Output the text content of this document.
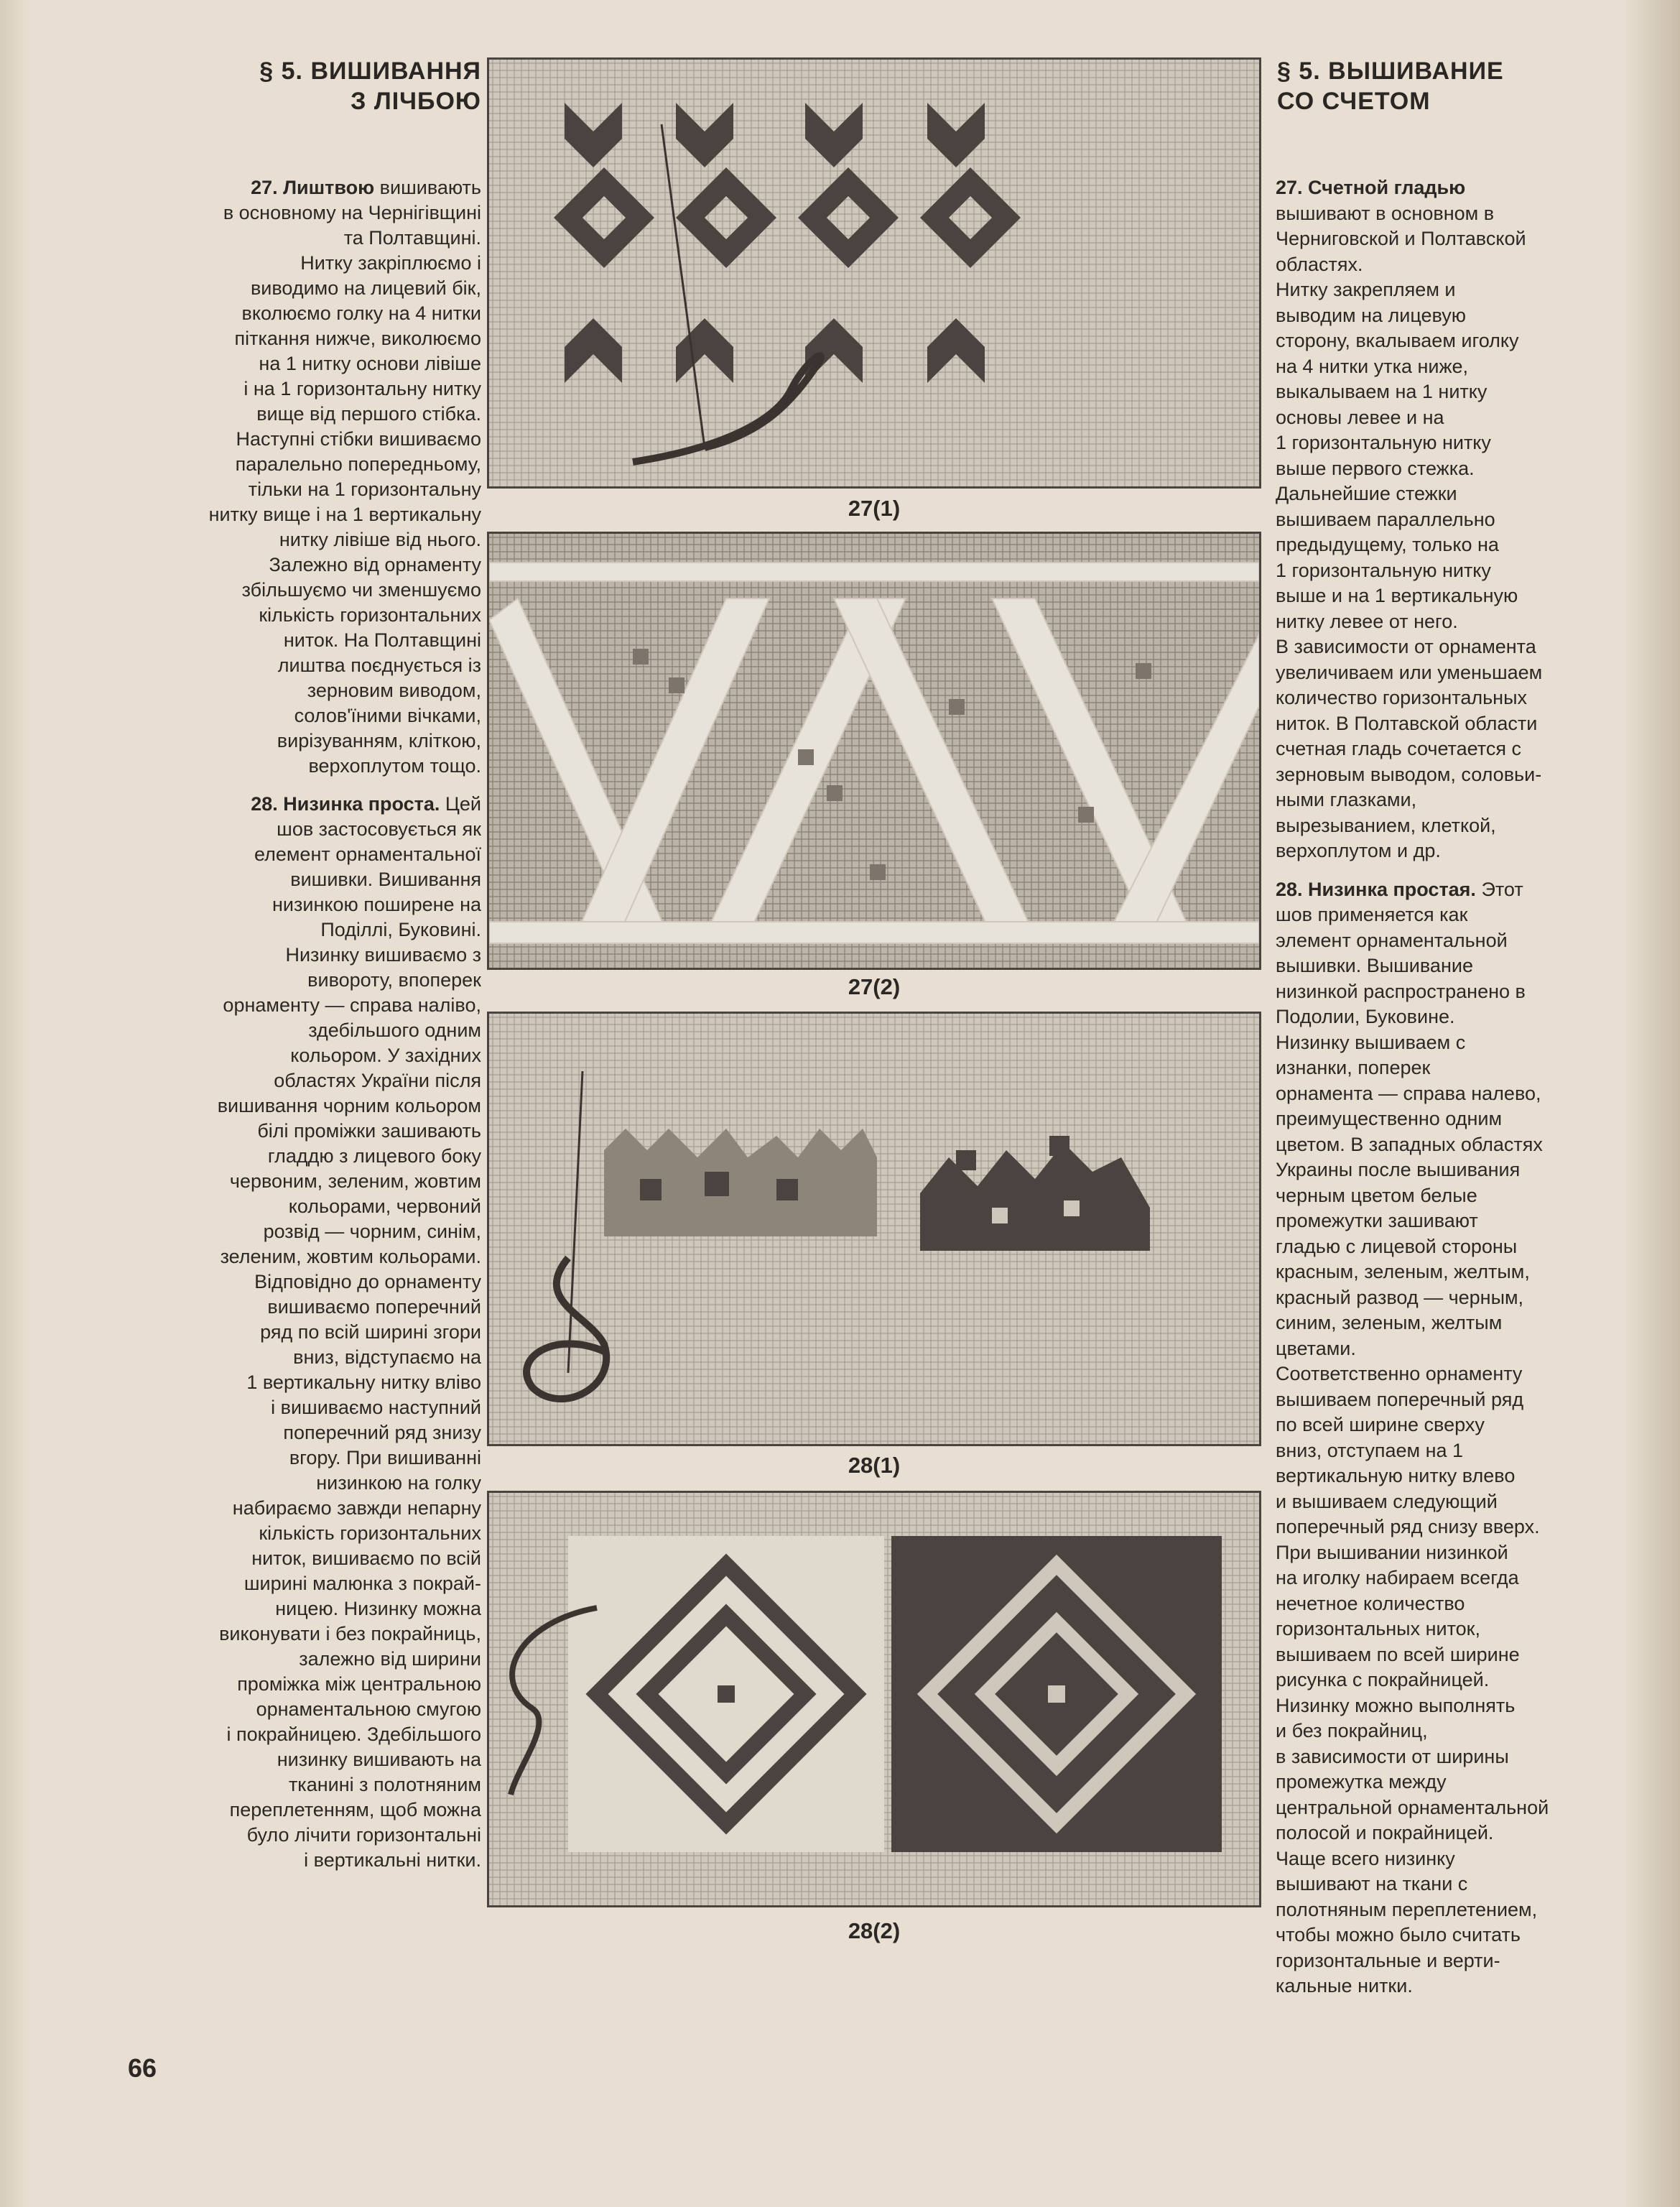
§ 5. ВИШИВАННЯ
З ЛІЧБОЮ
§ 5. ВЫШИВАНИЕ
СО СЧЕТОМ
27. Лиштвою вишивають
в основному на Чернігівщині
та Полтавщині.
Нитку закріплюємо і
виводимо на лицевий бік,
вколюємо голку на 4 нитки
піткання нижче, виколюємо
на 1 нитку основи лівіше
і на 1 горизонтальну нитку
вище від першого стібка.
Наступні стібки вишиваємо
паралельно попередньому,
тільки на 1 горизонтальну
нитку вище і на 1 вертикальну
нитку лівіше від нього.
Залежно від орнаменту
збільшуємо чи зменшуємо
кількість горизонтальних
ниток. На Полтавщині
лиштва поєднується із
зерновим виводом,
солов'їними вічками,
вирізуванням, кліткою,
верхоплутом тощо.
28. Низинка проста. Цей
шов застосовується як
елемент орнаментальної
вишивки. Вишивання
низинкою поширене на
Поділлі, Буковині.
Низинку вишиваємо з
вивороту, впоперек
орнаменту — справа наліво,
здебільшого одним
кольором. У західних
областях України після
вишивання чорним кольором
білі проміжки зашивають
гладдю з лицевого боку
червоним, зеленим, жовтим
кольорами, червоний
розвід — чорним, синім,
зеленим, жовтим кольорами.
Відповідно до орнаменту
вишиваємо поперечний
ряд по всій ширині згори
вниз, відступаємо на
1 вертикальну нитку вліво
і вишиваємо наступний
поперечний ряд знизу
вгору. При вишиванні
низинкою на голку
набираємо завжди непарну
кількість горизонтальних
ниток, вишиваємо по всій
ширині малюнка з покрай-
ницею. Низинку можна
виконувати і без покрайниць,
залежно від ширини
проміжка між центральною
орнаментальною смугою
і покрайницею. Здебільшого
низинку вишивають на
тканині з полотняним
переплетенням, щоб можна
було лічити горизонтальні
і вертикальні нитки.
27. Счетной гладью
вышивают в основном в
Черниговской и Полтавской
областях.
Нитку закрепляем и
выводим на лицевую
сторону, вкалываем иголку
на 4 нитки утка ниже,
выкалываем на 1 нитку
основы левее и на
1 горизонтальную нитку
выше первого стежка.
Дальнейшие стежки
вышиваем параллельно
предыдущему, только на
1 горизонтальную нитку
выше и на 1 вертикальную
нитку левее от него.
В зависимости от орнамента
увеличиваем или уменьшаем
количество горизонтальных
ниток. В Полтавской области
счетная гладь сочетается с
зерновым выводом, соловьи-
ными глазками,
вырезыванием, клеткой,
верхоплутом и др.
28. Низинка простая. Этот
шов применяется как
элемент орнаментальной
вышивки. Вышивание
низинкой распространено в
Подолии, Буковине.
Низинку вышиваем с
изнанки, поперек
орнамента — справа налево,
преимущественно одним
цветом. В западных областях
Украины после вышивания
черным цветом белые
промежутки зашивают
гладью с лицевой стороны
красным, зеленым, желтым,
красный развод — черным,
синим, зеленым, желтым
цветами.
Соответственно орнаменту
вышиваем поперечный ряд
по всей ширине сверху
вниз, отступаем на 1
вертикальную нитку влево
и вышиваем следующий
поперечный ряд снизу вверх.
При вышивании низинкой
на иголку набираем всегда
нечетное количество
горизонтальных ниток,
вышиваем по всей ширине
рисунка с покрайницей.
Низинку можно выполнять
и без покрайниц,
в зависимости от ширины
промежутка между
центральной орнаментальной
полосой и покрайницей.
Чаще всего низинку
вышивают на ткани с
полотняным переплетением,
чтобы можно было считать
горизонтальные и верти-
кальные нитки.
27(1)
27(2)
28(1)
28(2)
66
